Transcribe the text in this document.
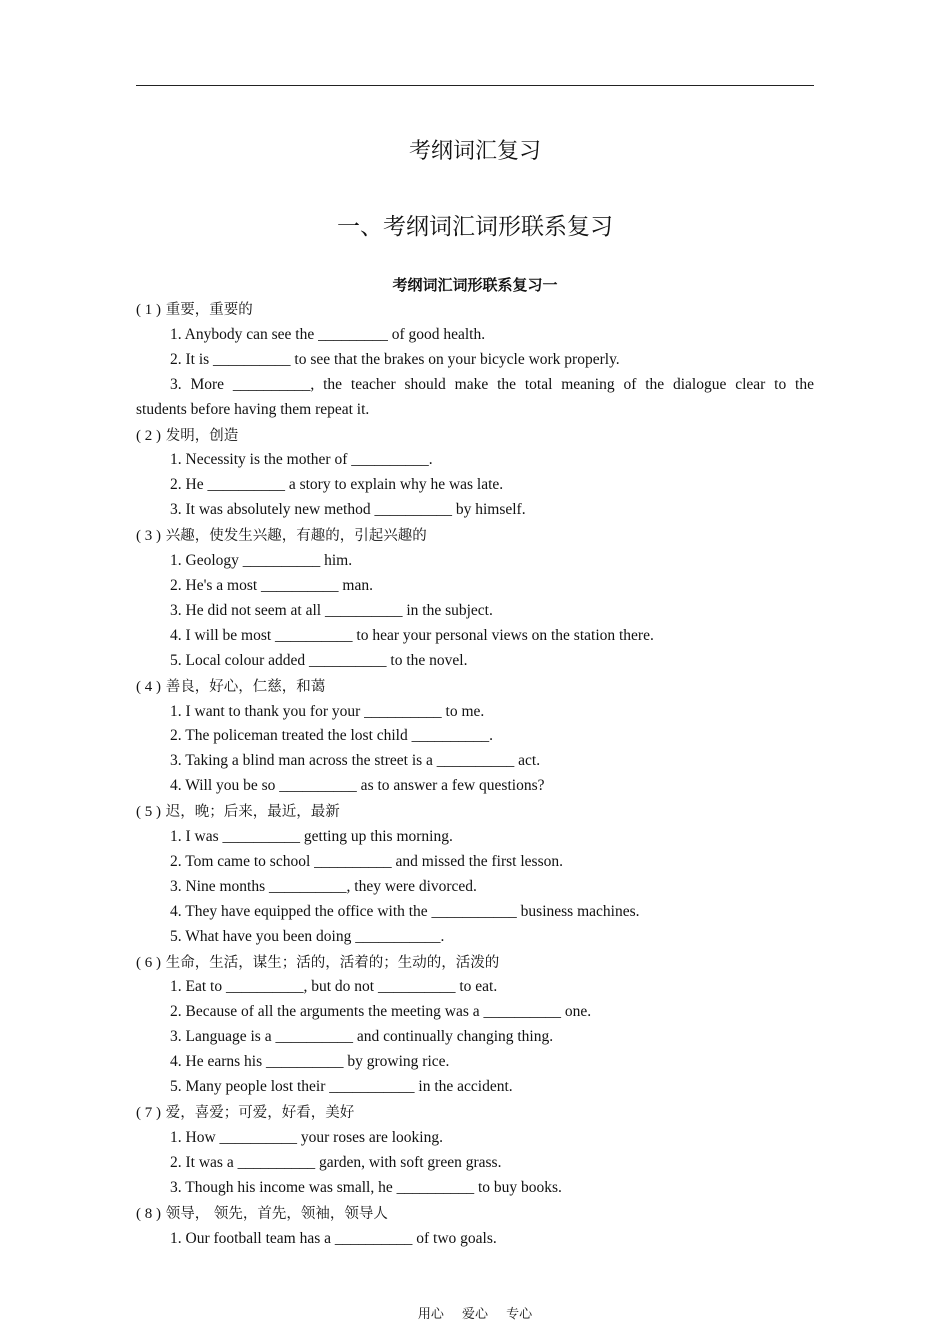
考纲词汇复习
一、考纲词汇词形联系复习
考纲词汇词形联系复习一

( 1 ) 重要，重要的

1. Anybody can see the _________ of good health.

2. It is __________ to see that the brakes on your bicycle work properly.

3. More __________, the teacher should make the total meaning of the dialogue clear to the

students before having them repeat it.

( 2 ) 发明，创造

1. Necessity is the mother of __________.

2. He __________ a story to explain why he was late.

3. It was absolutely new method __________ by himself.

( 3 ) 兴趣，使发生兴趣，有趣的，引起兴趣的

1. Geology __________ him.

2. He's a most __________ man.

3. He did not seem at all __________ in the subject.

4. I will be most __________ to hear your personal views on the station there.

5. Local colour added __________ to the novel.

( 4 ) 善良，好心，仁慈，和蔼

1. I want to thank you for your __________ to me.

2. The policeman treated the lost child __________.

3. Taking a blind man across the street is a __________ act.

4. Will you be so __________ as to answer a few questions?

( 5 ) 迟，晚；后来，最近，最新

1. I was __________ getting up this morning.

2. Tom came to school __________ and missed the first lesson.

3. Nine months __________, they were divorced.

4. They have equipped the office with the ___________ business machines.

5. What have you been doing ___________.

( 6 ) 生命，生活，谋生；活的，活着的；生动的，活泼的

1. Eat to __________, but do not __________ to eat.

2. Because of all the arguments the meeting was a __________ one.

3. Language is a __________ and continually changing thing.

4. He earns his __________ by growing rice.

5. Many people lost their ___________ in the accident.

( 7 ) 爱，喜爱；可爱，好看，美好

1. How __________ your roses are looking.

2. It was a __________ garden, with soft green grass.

3. Though his income was small, he __________ to buy books.

( 8 ) 领导， 领先，首先，领袖，领导人

1. Our football team has a __________ of two goals.

用心 爱心 专心
